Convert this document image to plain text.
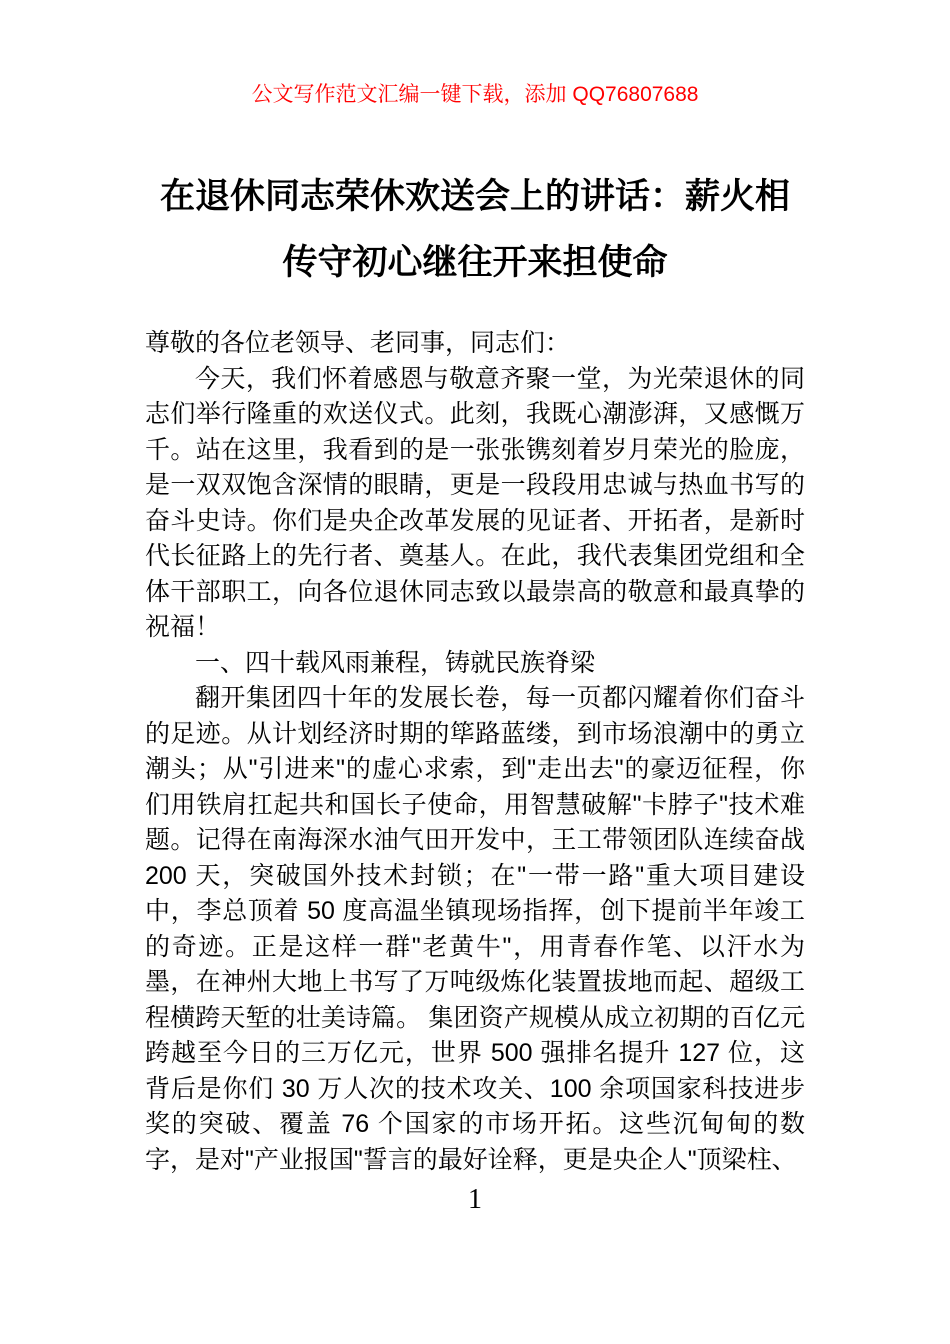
公文写作范文汇编一键下载，添加 QQ76807688
在退休同志荣休欢送会上的讲话：薪火相
传守初心继往开来担使命

尊敬的各位老领导、老同事，同志们：

今天，我们怀着感恩与敬意齐聚一堂，为光荣退休的同志们举行隆重的欢送仪式。此刻，我既心潮澎湃，又感慨万千。站在这里，我看到的是一张张镌刻着岁月荣光的脸庞，是一双双饱含深情的眼睛，更是一段段用忠诚与热血书写的奋斗史诗。你们是央企改革发展的见证者、开拓者，是新时代长征路上的先行者、奠基人。在此，我代表集团党组和全体干部职工，向各位退休同志致以最崇高的敬意和最真挚的祝福！

一、四十载风雨兼程，铸就民族脊梁

翻开集团四十年的发展长卷，每一页都闪耀着你们奋斗的足迹。从计划经济时期的筚路蓝缕，到市场浪潮中的勇立潮头；从"引进来"的虚心求索，到"走出去"的豪迈征程，你们用铁肩扛起共和国长子使命，用智慧破解"卡脖子"技术难题。记得在南海深水油气田开发中，王工带领团队连续奋战 200 天，突破国外技术封锁；在"一带一路"重大项目建设中，李总顶着 50 度高温坐镇现场指挥，创下提前半年竣工的奇迹。正是这样一群"老黄牛"，用青春作笔、以汗水为墨，在神州大地上书写了万吨级炼化装置拔地而起、超级工程横跨天堑的壮美诗篇。 集团资产规模从成立初期的百亿元跨越至今日的三万亿元，世界 500 强排名提升 127 位，这背后是你们 30 万人次的技术攻关、100 余项国家科技进步奖的突破、覆盖 76 个国家的市场开拓。这些沉甸甸的数字，是对"产业报国"誓言的最好诠释，更是央企人"顶梁柱、

1
